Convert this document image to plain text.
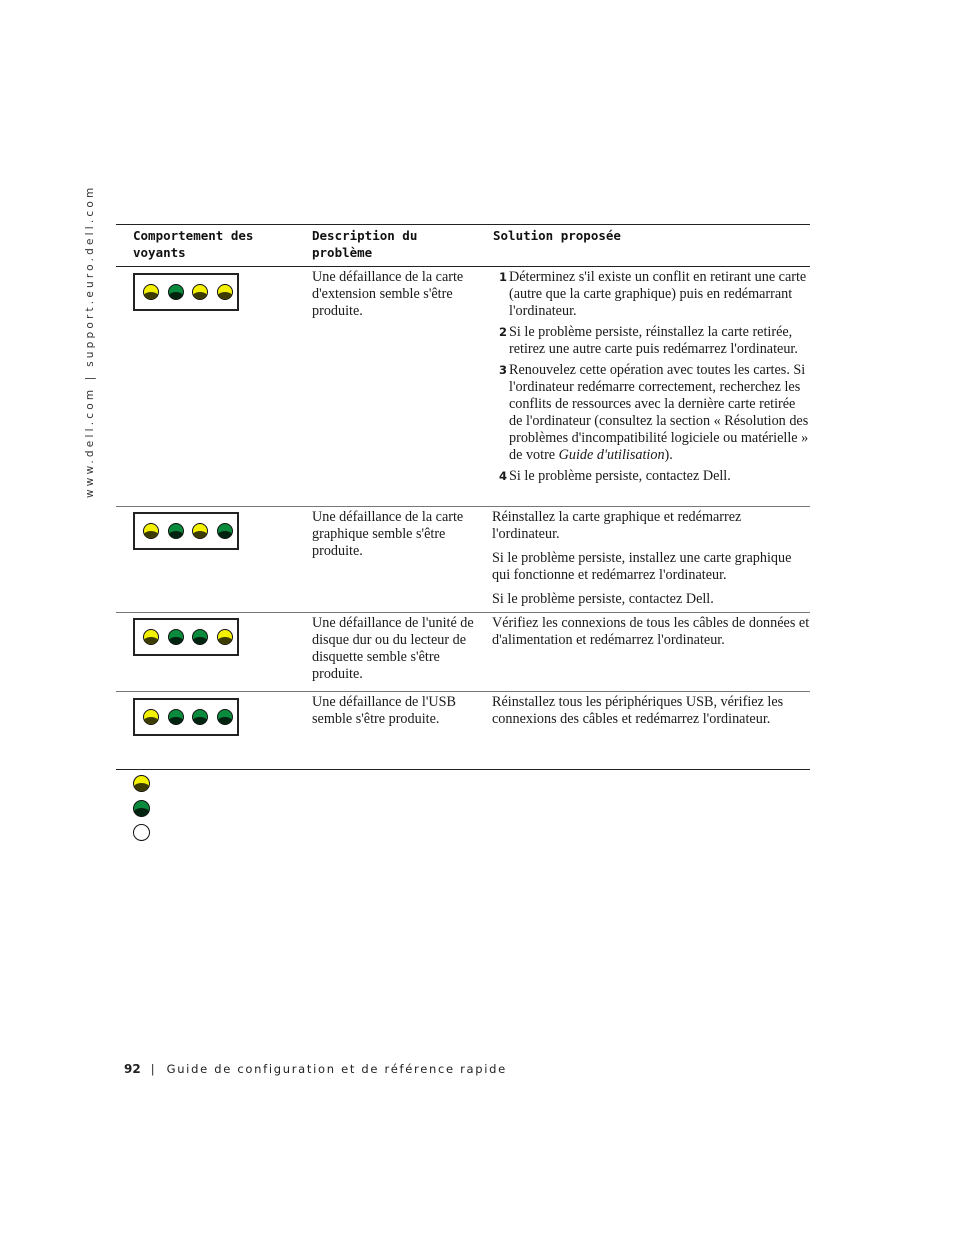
www.dell.com | support.euro.dell.com	Comportement des
voyants
Description du
problème
Solution proposée
Une défaillance de la carte d'extension semble s'être produite.
1 Déterminez s'il existe un conflit en retirant une carte (autre que la carte graphique) puis en redémarrant l'ordinateur.
2 Si le problème persiste, réinstallez la carte retirée, retirez une autre carte puis redémarrez l'ordinateur.
3 Renouvelez cette opération avec toutes les cartes. Si l'ordinateur redémarre correctement, recherchez les conflits de ressources avec la dernière carte retirée de l'ordinateur (consultez la section « Résolution des problèmes d'incompatibilité logiciele ou matérielle » de votre Guide d'utilisation).
4 Si le problème persiste, contactez Dell.
Une défaillance de la carte graphique semble s'être produite.
Réinstallez la carte graphique et redémarrez l'ordinateur.
Si le problème persiste, installez une carte graphique qui fonctionne et redémarrez l'ordinateur.
Si le problème persiste, contactez Dell.
Une défaillance de l'unité de disque dur ou du lecteur de disquette semble s'être produite.
Vérifiez les connexions de tous les câbles de données et d'alimentation et redémarrez l'ordinateur.
Une défaillance de l'USB semble s'être produite.
Réinstallez tous les périphériques USB, vérifiez les connexions des câbles et redémarrez l'ordinateur.
92 | Guide de configuration et de référence rapide
